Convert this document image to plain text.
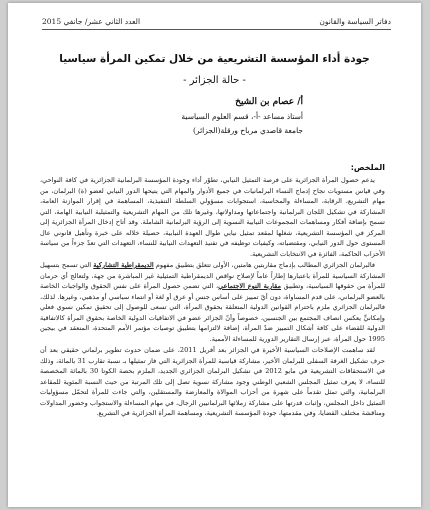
دفاتر السياسة والقانون
العدد الثاني عشر/ جانفي 2015
جودة أداء المؤسسة التشريعية من خلال تمكين المرأة سياسيا
- حالة الجزائر -
أ/ عصام بن الشيخ
أستاذ مساعد -أ-، قسم العلوم السياسية
جامعة قاصدي مرباح ورقلة(الجزائر)
الملخص:

يدعم حصول المرأة الجزائرية على فرصة التمثيل النيابي، تطوّر أداء وجودة المؤسسة البرلمانية الجزائرية في كافة النواحي، وفي قياس مستويات نجاح إدماج النساء البرلمانيات في جميع الأدوار والمهام التي يتيحها الدور النيابي لعضو (ة) البرلمان، من مهام التشريع، الرقابة، المساءلة والمحاسبة، استجوابات مسؤولي السلطة التنفيذية، المساهمة في إقرار الموازنة العامة، المشاركة في تشكيل اللجان البرلمانية واجتماعاتها ومداولاتها، وغيرها تلك من المهام التشريعية والتمثيلية النيابية الهامة، التي تسمح بإضافة أفكار ومساهمات المجموعات النيابية النسوية إلى الرؤية البرلمانية الشاملة. وقد أتاح إدخال المرأة الجزائرية إلى المركز في المؤسسة التشريعية، شغلها لمقعد تمثيل نيابي طوال العهدة النيابية، حصيلة خلاله على خبرة وتأهيل قانوني عال المستوى حول الدور النيابي، ومقتضياته، وكيفيات توظيفه في تفنيذ التعهدات النيابية للنساء، التعهدات التي تعدّ جزءاً من سياسة الأحزاب الحاكمة، الفائزة في الانتخابات التشريعية.

فالبرلمان الجزائري المطالب بإدماج مقاربتين هامتين، الأولى تتعلق بتطبيق مفهوم الديمقراطية التشاركية التي تسمح بتسهيل المشاركة السياسية للمرأة باعتبارها إطاراً عاماً لإصلاح نواقص الديمقراطية التمثيلية غير المباشرة من جهة، ولتعالج أي حرمان للمرأة من حقوقها السياسية، وتطبيق مقاربة النوع الاجتماعي، التي تضمن حصول المرأة على نفس الحقوق والواجبات الخاصة بالعضو البرلماني، على قدم المساواة، دون أيّ تمييز على أساس جنس أو عرق أو لغة أو انتماء سياسي أو مذهبي، وغيرها. لذلك، فالبرلمان الجزائري ملزم باحترام القوانين الدولية المتعلقة بحقوق المرأة، التي تسعى للوصول إلى تحقيق تمكين نسوي فعلي وإمكانيٍّ يعكس انصاف المجتمع بين الجنسين، خصوصاً وأنّ الجزائر عضو في الاتفاقيات الدولية الخاصة بحقوق المرأة كالاتفاقية الدولية للقضاء على كافة أشكال التمييز ضدّ المرأة، إضافة لالتزامها بتطبيق توصيات مؤتمر الأمم المتحدة، المنعقد في بيجين 1995 حول المرأة، عبر إرسال التقارير الدورية للمساءلة الأممية.

لقد ساهمت الإصلاحات السياسية الأخيرة في الجزائر بعد أفريل 2011، على ضمان حدوث تطوير برلماني حقيقي بعد أن حرف تشكيل الغرفة السفلى للبرلمان الأخير، مشاركة قياسية للمرأة الجزائرية التي فاز تمثيلها بـ نسبة تقارب 31 بالمائة، وذلك في الاستحقاقات التشريعية في مايو 2012 في تشكيل البرلمان الجزائري الجديد، الملزم بحصة الكوتا 30 بالمائة المخصصة للنساء، لا يعرف تمثيل المجلس الشعبي الوطني وجود مشاركة نسوية تصل إلى تلك المرتبة من حيث النسبة المئوية للمقاعد البرلمانية، والتي تمثل تقدماً على شهرة من أحزاب الموالاة والمعارضة والمستقلين، والتي جاءت للمرأة لتحمّل مسؤوليات التمثيل داخل المجلس، وإثبات قدرتها على مشاركة زملائها البرلمانيين الرجال، في مهام المساءلة والاستجواب وحضور المداولات ومناقشة مختلف القضايا، وفي مقدمتها، جودة المؤسسة التشريعية، ومساهمة المرأة الجزائرية في التشريع.
